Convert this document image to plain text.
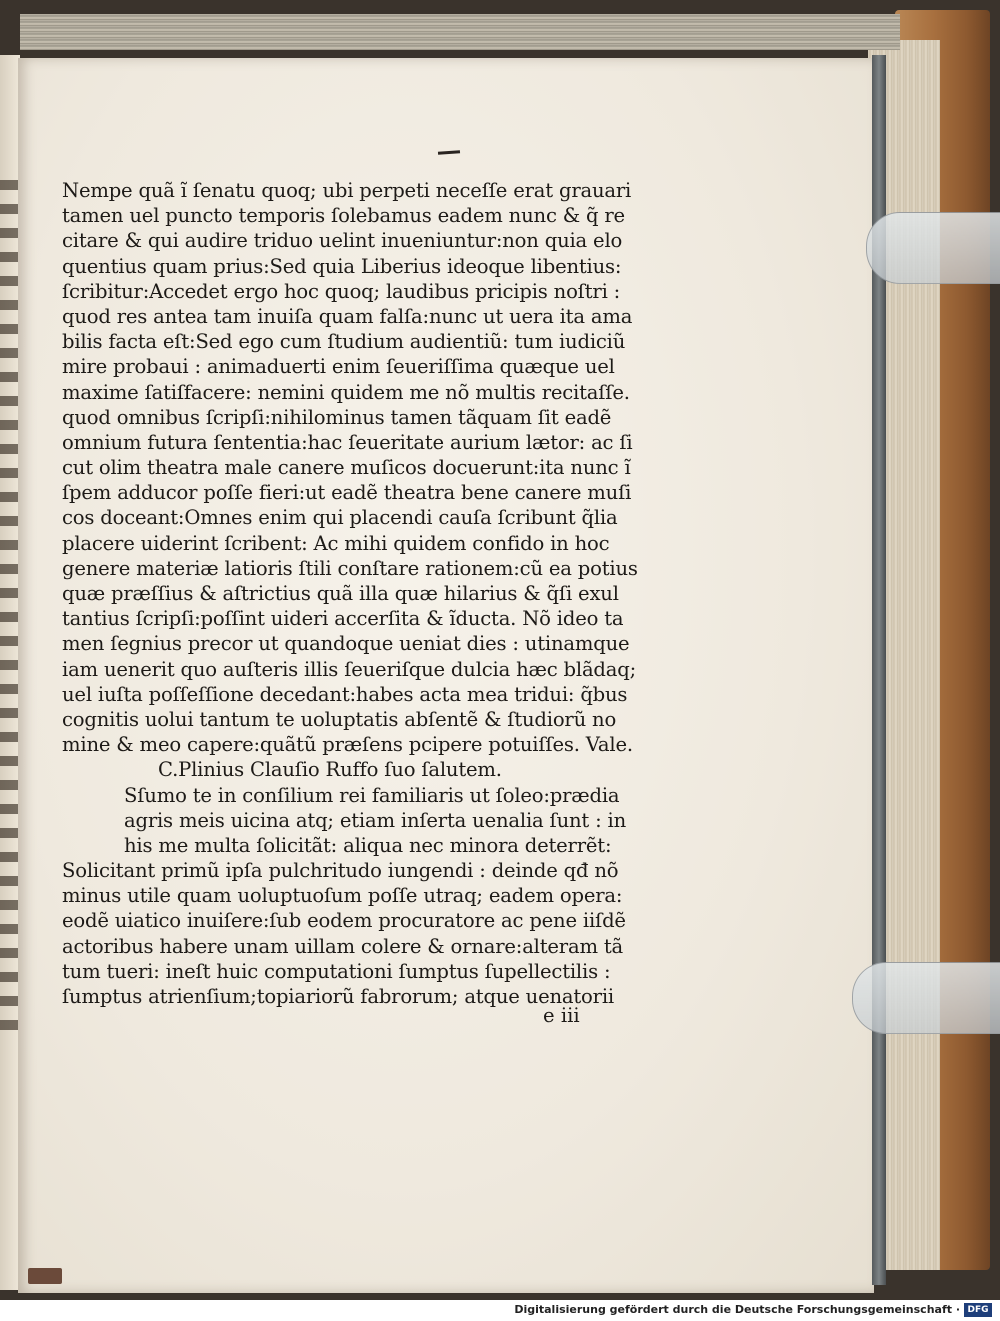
Nempe quã ĩ ſenatu quoq; ubi perpeti neceſſe erat grauari
tamen uel puncto temporis ſolebamus eadem nunc & q̃ re
citare & qui audire triduo uelint inueniuntur:non quia elo
quentius quam prius:Sed quia Liberius ideoque libentius:
ſcribitur:Accedet ergo hoc quoq; laudibus pricipis noſtri :
quod res antea tam inuiſa quam falſa:nunc ut uera ita ama
bilis facta eſt:Sed ego cum ſtudium audientiũ: tum iudiciũ
mire probaui : animaduerti enim ſeueriſſima quæque uel
maxime ſatiſfacere: nemini quidem me nõ multis recitaſſe.
quod omnibus ſcripſi:nihilominus tamen tãquam ſit eadẽ
omnium futura ſententia:hac ſeueritate aurium lætor: ac ſi
cut olim theatra male canere muſicos docuerunt:ita nunc ĩ
ſpem adducor poſſe fieri:ut eadẽ theatra bene canere muſi
cos doceant:Omnes enim qui placendi cauſa ſcribunt q̃lia
placere uiderint ſcribent: Ac mihi quidem confido in hoc
genere materiæ latioris ſtili conſtare rationem:cũ ea potius
quæ præſſius & aſtrictius quã illa quæ hilarius & q̃ſi exul
tantius ſcripſi:poſſint uideri accerſita & ĩducta. Nõ ideo ta
men ſegnius precor ut quandoque ueniat dies : utinamque
iam uenerit quo auſteris illis ſeueriſque dulcia hæc blãdaq;
uel iuſta poſſeſſione decedant:habes acta mea tridui: q̃bus
cognitis uolui tantum te uoluptatis abſentẽ & ſtudiorũ no
mine & meo capere:quãtũ præſens pcipere potuiſſes. Vale.
C.Plinius Clauſio Ruffo ſuo ſalutem.
Sſumo te in conſilium rei familiaris ut ſoleo:prædia
agris meis uicina atq; etiam inſerta uenalia ſunt : in
his me multa ſolicitãt: aliqua nec minora deterrẽt:
Solicitant primũ ipſa pulchritudo iungendi : deinde qđ nõ
minus utile quam uoluptuoſum poſſe utraq; eadem opera:
eodẽ uiatico inuiſere:ſub eodem procuratore ac pene iiſdẽ
actoribus habere unam uillam colere & ornare:alteram tã
tum tueri: ineſt huic computationi ſumptus ſupellectilis :
ſumptus atrienſium;topiariorũ fabrorum; atque uenatorii
e iii
Digitalisierung gefördert durch die Deutsche Forschungsgemeinschaft · DFG
